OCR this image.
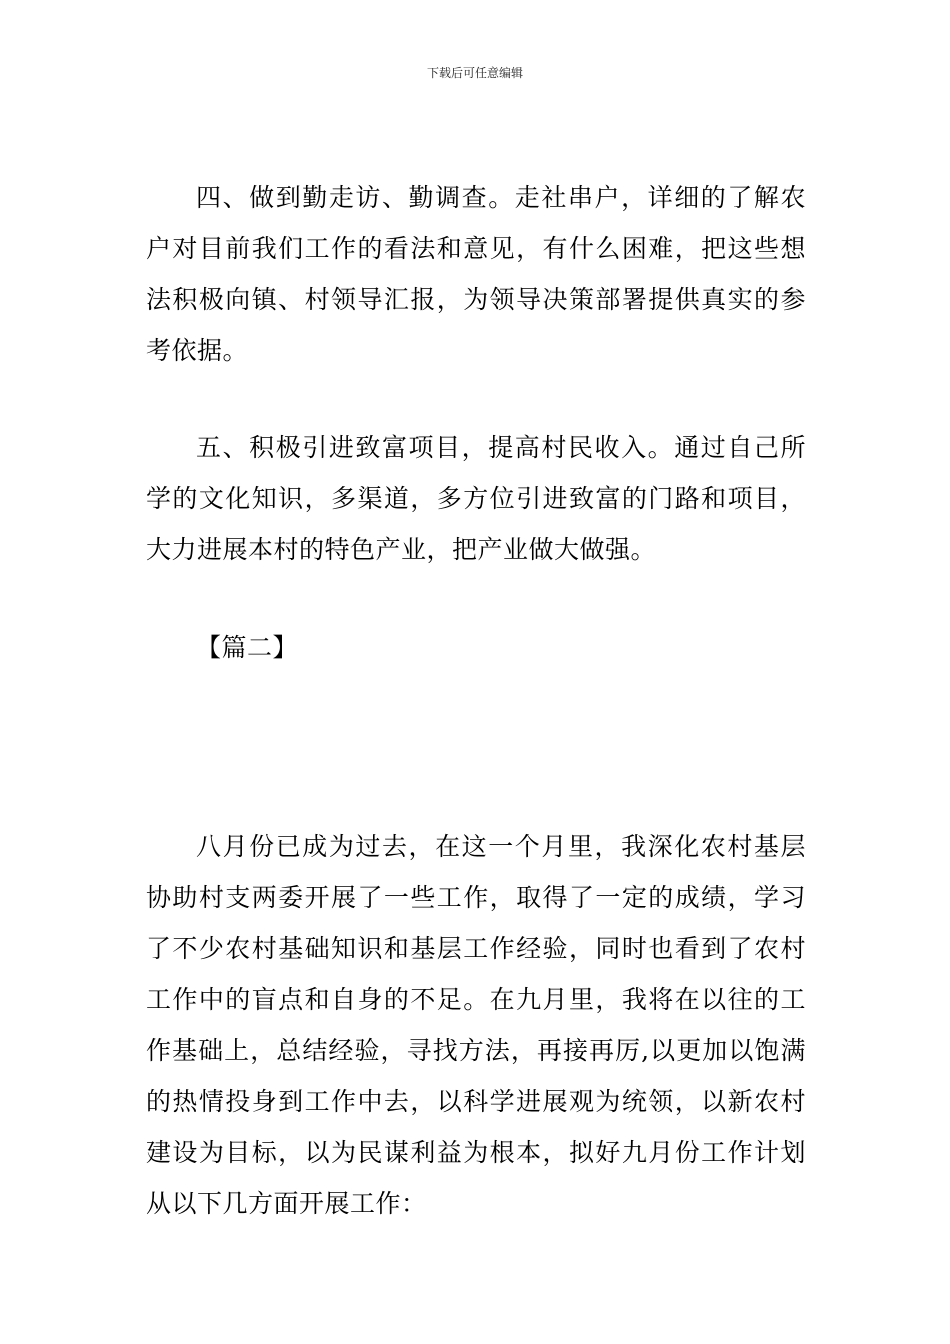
下载后可任意编辑

四、做到勤走访、勤调查。走社串户，详细的了解农户对目前我们工作的看法和意见，有什么困难，把这些想法积极向镇、村领导汇报，为领导决策部署提供真实的参考依据。

五、积极引进致富项目，提高村民收入。通过自己所学的文化知识，多渠道，多方位引进致富的门路和项目，大力进展本村的特色产业，把产业做大做强。

【篇二】

八月份已成为过去，在这一个月里，我深化农村基层协助村支两委开展了一些工作，取得了一定的成绩，学习了不少农村基础知识和基层工作经验，同时也看到了农村工作中的盲点和自身的不足。在九月里，我将在以往的工作基础上，总结经验，寻找方法，再接再厉,以更加以饱满的热情投身到工作中去，以科学进展观为统领，以新农村建设为目标，以为民谋利益为根本，拟好九月份工作计划从以下几方面开展工作：
